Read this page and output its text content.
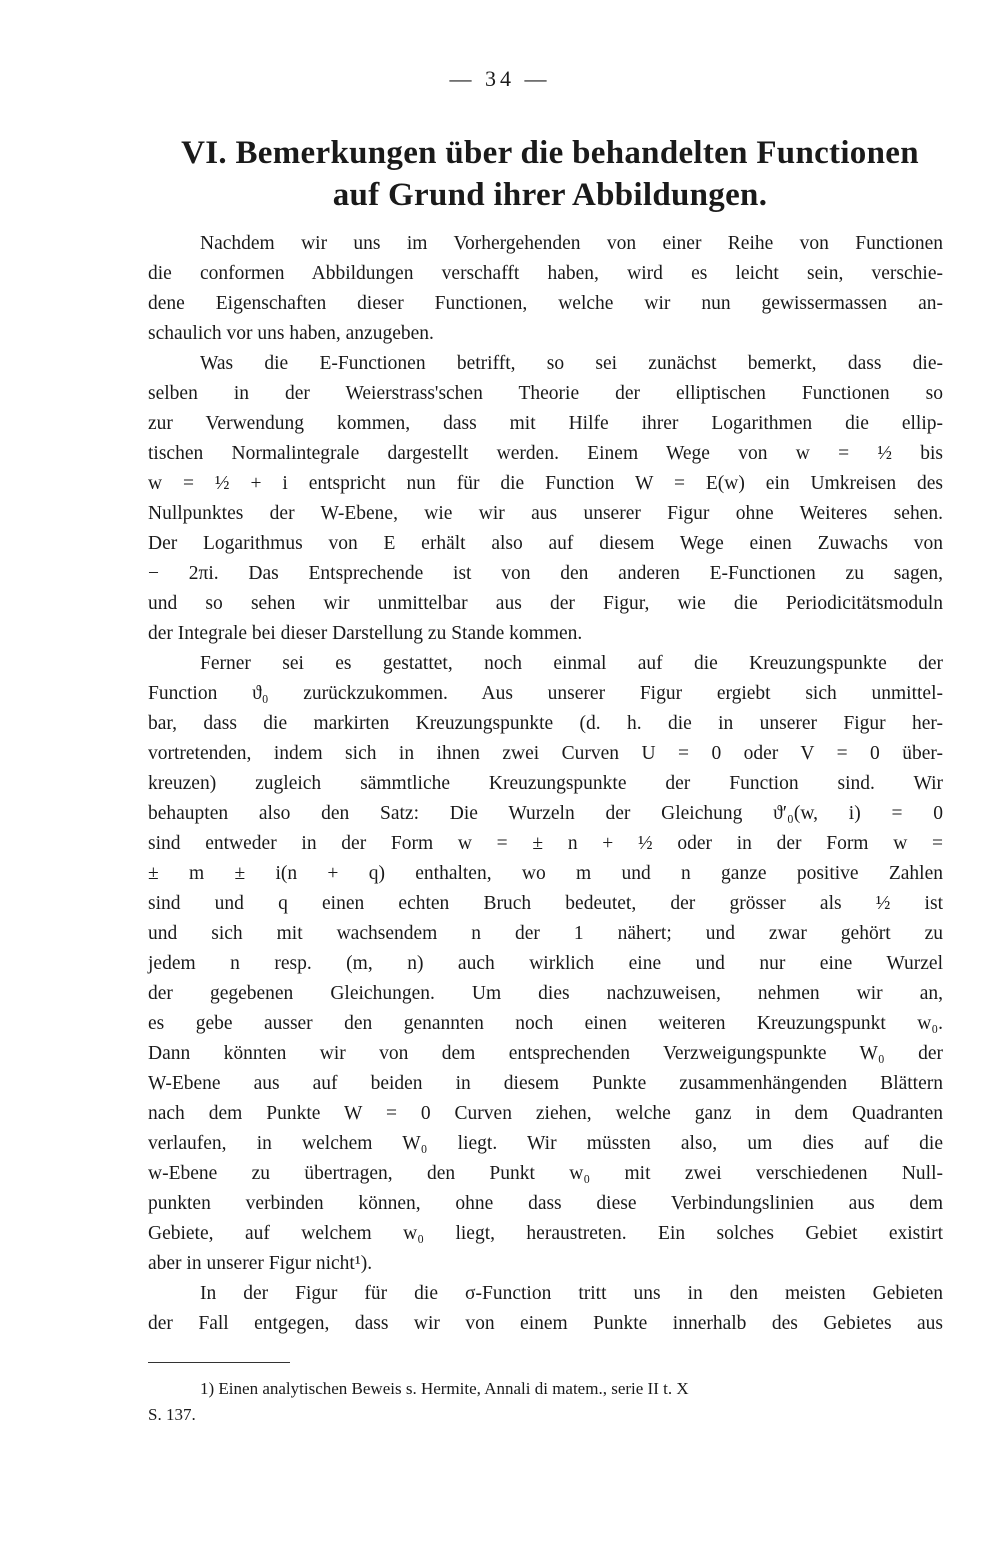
— 34 —
VI. Bemerkungen über die behandelten Functionen
auf Grund ihrer Abbildungen.
Nachdem wir uns im Vorhergehenden von einer Reihe von Functionen
die conformen Abbildungen verschafft haben, wird es leicht sein, verschie-
dene Eigenschaften dieser Functionen, welche wir nun gewissermassen an-
schaulich vor uns haben, anzugeben.
Was die E-Functionen betrifft, so sei zunächst bemerkt, dass die-
selben in der Weierstrass'schen Theorie der elliptischen Functionen so
zur Verwendung kommen, dass mit Hilfe ihrer Logarithmen die ellip-
tischen Normalintegrale dargestellt werden. Einem Wege von w = ½ bis
w = ½ + i entspricht nun für die Function W = E(w) ein Umkreisen des
Nullpunktes der W-Ebene, wie wir aus unserer Figur ohne Weiteres sehen.
Der Logarithmus von E erhält also auf diesem Wege einen Zuwachs von
− 2πi. Das Entsprechende ist von den anderen E-Functionen zu sagen,
und so sehen wir unmittelbar aus der Figur, wie die Periodicitätsmoduln
der Integrale bei dieser Darstellung zu Stande kommen.
Ferner sei es gestattet, noch einmal auf die Kreuzungspunkte der
Function ϑ₀ zurückzukommen. Aus unserer Figur ergiebt sich unmittel-
bar, dass die markirten Kreuzungspunkte (d. h. die in unserer Figur her-
vortretenden, indem sich in ihnen zwei Curven U = 0 oder V = 0 über-
kreuzen) zugleich sämmtliche Kreuzungspunkte der Function sind. Wir
behaupten also den Satz: Die Wurzeln der Gleichung ϑ′₀(w, i) = 0
sind entweder in der Form w = ± n + ½ oder in der Form w =
± m ± i(n + q) enthalten, wo m und n ganze positive Zahlen
sind und q einen echten Bruch bedeutet, der grösser als ½ ist
und sich mit wachsendem n der 1 nähert; und zwar gehört zu
jedem n resp. (m, n) auch wirklich eine und nur eine Wurzel
der gegebenen Gleichungen. Um dies nachzuweisen, nehmen wir an,
es gebe ausser den genannten noch einen weiteren Kreuzungspunkt w₀.
Dann könnten wir von dem entsprechenden Verzweigungspunkte W₀ der
W-Ebene aus auf beiden in diesem Punkte zusammenhängenden Blättern
nach dem Punkte W = 0 Curven ziehen, welche ganz in dem Quadranten
verlaufen, in welchem W₀ liegt. Wir müssten also, um dies auf die
w-Ebene zu übertragen, den Punkt w₀ mit zwei verschiedenen Null-
punkten verbinden können, ohne dass diese Verbindungslinien aus dem
Gebiete, auf welchem w₀ liegt, heraustreten. Ein solches Gebiet existirt
aber in unserer Figur nicht¹).
In der Figur für die σ-Function tritt uns in den meisten Gebieten
der Fall entgegen, dass wir von einem Punkte innerhalb des Gebietes aus
1) Einen analytischen Beweis s. Hermite, Annali di matem., serie II t. X
S. 137.
